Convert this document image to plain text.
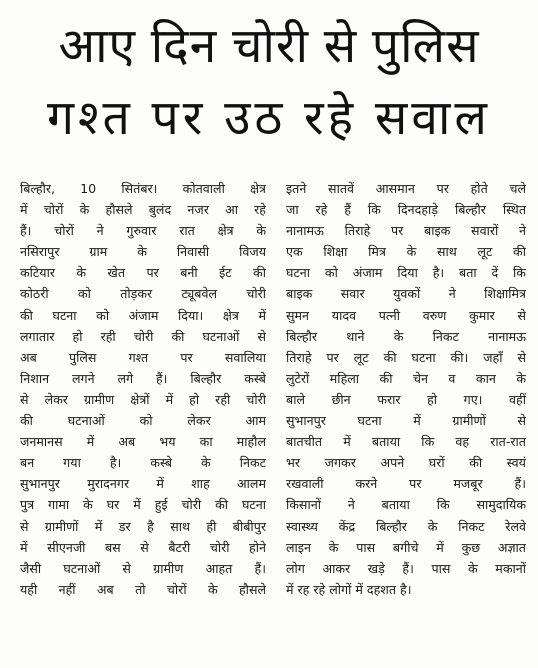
आए दिन चोरी से पुलिस
गश्त पर उठ रहे सवाल
बिल्हौर, 10 सितंबर। कोतवाली क्षेत्र
में चोरों के हौसले बुलंद नजर आ रहे
हैं। चोरों ने गुरुवार रात क्षेत्र के
नसिरापुर ग्राम के निवासी विजय
कटियार के खेत पर बनी ईट की
कोठरी को तोड़कर ट्यूबवेल चोरी
की घटना को अंजाम दिया। क्षेत्र में
लगातार हो रही चोरी की घटनाओं से
अब पुलिस गश्त पर सवालिया
निशान लगने लगे हैं। बिल्हौर कस्बे
से लेकर ग्रामीण क्षेत्रों में हो रही चोरी
की घटनाओं को लेकर आम
जनमानस में अब भय का माहौल
बन गया है। कस्बे के निकट
सुभानपुर मुरादनगर में शाह आलम
पुत्र गामा के घर में हुई चोरी की घटना
से ग्रामीणों में डर है साथ ही बीबीपुर
में सीएनजी बस से बैटरी चोरी होने
जैसी घटनाओं से ग्रामीण आहत हैं।
यही नहीं अब तो चोरों के हौसले
इतने सातवें आसमान पर होते चले
जा रहे हैं कि दिनदहाड़े बिल्हौर स्थित
नानामऊ तिराहे पर बाइक सवारों ने
एक शिक्षा मित्र के साथ लूट की
घटना को अंजाम दिया है। बता दें कि
बाइक सवार युवकों ने शिक्षामित्र
सुमन यादव पत्नी वरुण कुमार से
बिल्हौर थाने के निकट नानामऊ
तिराहे पर लूट की घटना की। जहाँ से
लुटेरों महिला की चेन व कान के
बाले छीन फरार हो गए। वहीं
सुभानपुर घटना में ग्रामीणों से
बातचीत में बताया कि वह रात-रात
भर जगकर अपने घरों की स्वयं
रखवाली करने पर मजबूर हैं।
किसानों ने बताया कि सामुदायिक
स्वास्थ्य केंद्र बिल्हौर के निकट रेलवे
लाइन के पास बगीचे में कुछ अज्ञात
लोग आकर खड़े हैं। पास के मकानों
में रह रहे लोगों में दहशत है।
